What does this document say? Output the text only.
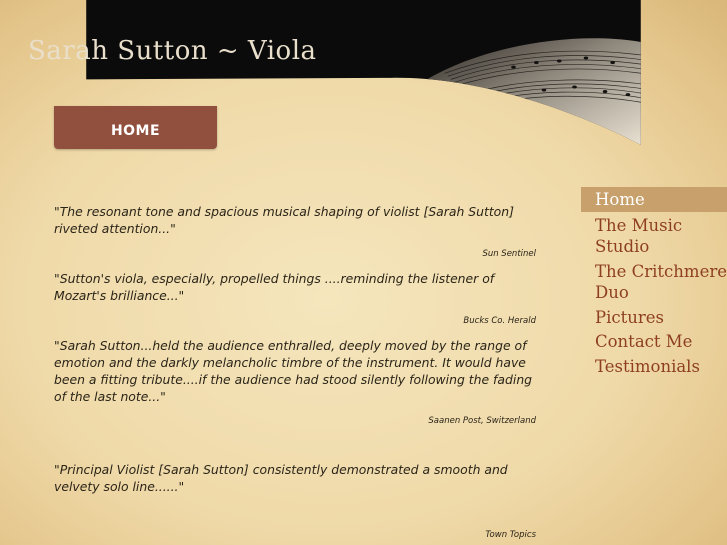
Sarah Sutton ~ Viola
HOME
"The resonant tone and spacious musical shaping of violist [Sarah Sutton] riveted attention..."
Sun Sentinel
"Sutton's viola, especially, propelled things ....reminding the listener of Mozart's brilliance..."
Bucks Co. Herald
"Sarah Sutton...held the audience enthralled, deeply moved by the range of emotion and the darkly melancholic timbre of the instrument. It would have been a fitting tribute....if the audience had stood silently following the fading of the last note..."
Saanen Post, Switzerland
"Principal Violist [Sarah Sutton] consistently demonstrated a smooth and velvety solo line......"
Town Topics
Home
The Music Studio
The Critchmere Duo
Pictures
Contact Me
Testimonials
